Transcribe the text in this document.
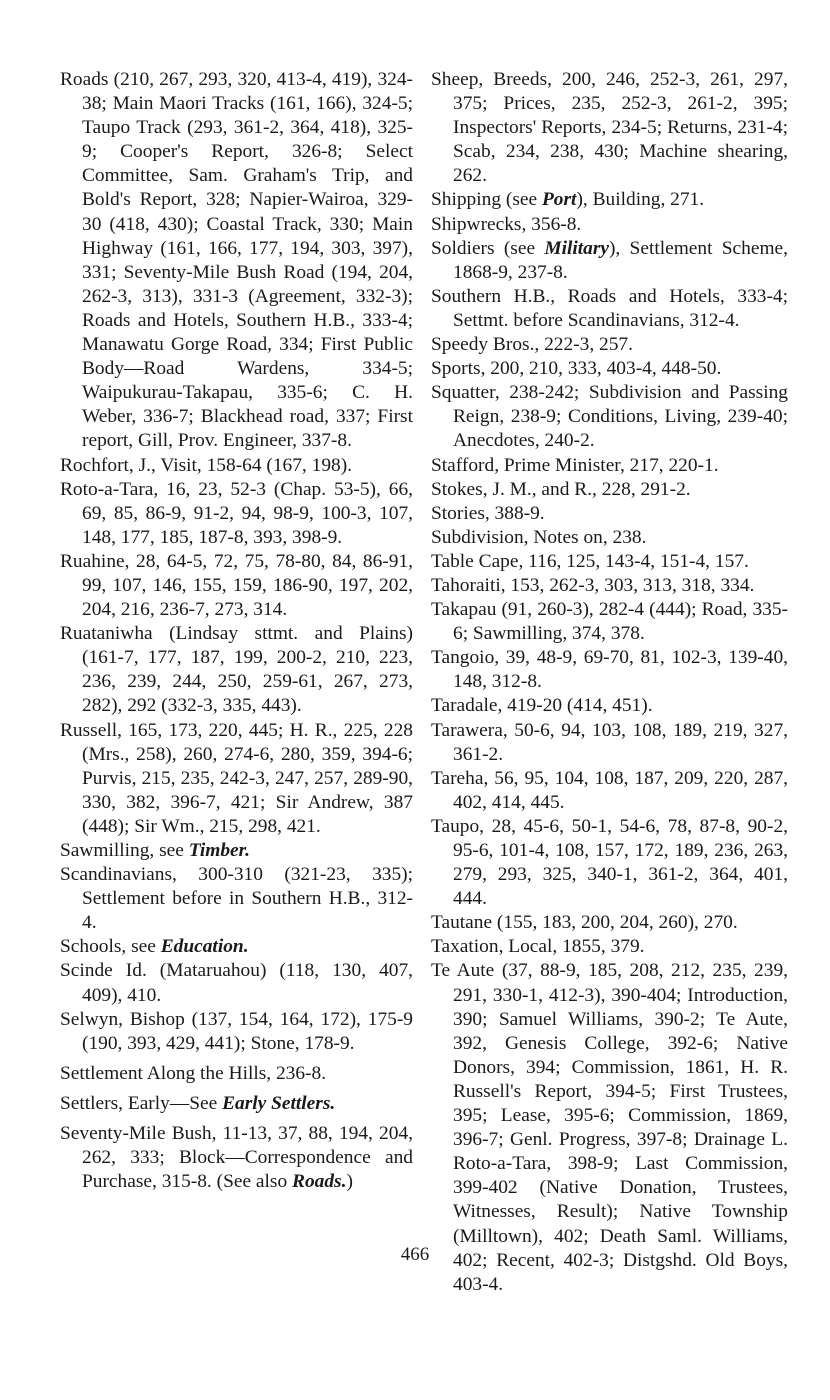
Roads (210, 267, 293, 320, 413-4, 419), 324-38; Main Maori Tracks (161, 166), 324-5; Taupo Track (293, 361-2, 364, 418), 325-9; Cooper's Report, 326-8; Select Committee, Sam. Graham's Trip, and Bold's Report, 328; Napier-Wairoa, 329-30 (418, 430); Coastal Track, 330; Main Highway (161, 166, 177, 194, 303, 397), 331; Seventy-Mile Bush Road (194, 204, 262-3, 313), 331-3 (Agreement, 332-3); Roads and Hotels, Southern H.B., 333-4; Manawatu Gorge Road, 334; First Public Body—Road Wardens, 334-5; Waipukurau-Takapau, 335-6; C. H. Weber, 336-7; Blackhead road, 337; First report, Gill, Prov. Engineer, 337-8.
Rochfort, J., Visit, 158-64 (167, 198).
Roto-a-Tara, 16, 23, 52-3 (Chap. 53-5), 66, 69, 85, 86-9, 91-2, 94, 98-9, 100-3, 107, 148, 177, 185, 187-8, 393, 398-9.
Ruahine, 28, 64-5, 72, 75, 78-80, 84, 86-91, 99, 107, 146, 155, 159, 186-90, 197, 202, 204, 216, 236-7, 273, 314.
Ruataniwha (Lindsay sttmt. and Plains) (161-7, 177, 187, 199, 200-2, 210, 223, 236, 239, 244, 250, 259-61, 267, 273, 282), 292 (332-3, 335, 443).
Russell, 165, 173, 220, 445; H. R., 225, 228 (Mrs., 258), 260, 274-6, 280, 359, 394-6; Purvis, 215, 235, 242-3, 247, 257, 289-90, 330, 382, 396-7, 421; Sir Andrew, 387 (448); Sir Wm., 215, 298, 421.
Sawmilling, see Timber.
Scandinavians, 300-310 (321-23, 335); Settlement before in Southern H.B., 312-4.
Schools, see Education.
Scinde Id. (Mataruahou) (118, 130, 407, 409), 410.
Selwyn, Bishop (137, 154, 164, 172), 175-9 (190, 393, 429, 441); Stone, 178-9.
Settlement Along the Hills, 236-8.
Settlers, Early—See Early Settlers.
Seventy-Mile Bush, 11-13, 37, 88, 194, 204, 262, 333; Block—Correspondence and Purchase, 315-8. (See also Roads.)
Sheep, Breeds, 200, 246, 252-3, 261, 297, 375; Prices, 235, 252-3, 261-2, 395; Inspectors' Reports, 234-5; Returns, 231-4; Scab, 234, 238, 430; Machine shearing, 262.
Shipping (see Port), Building, 271.
Shipwrecks, 356-8.
Soldiers (see Military), Settlement Scheme, 1868-9, 237-8.
Southern H.B., Roads and Hotels, 333-4; Settmt. before Scandinavians, 312-4.
Speedy Bros., 222-3, 257.
Sports, 200, 210, 333, 403-4, 448-50.
Squatter, 238-242; Subdivision and Passing Reign, 238-9; Conditions, Living, 239-40; Anecdotes, 240-2.
Stafford, Prime Minister, 217, 220-1.
Stokes, J. M., and R., 228, 291-2.
Stories, 388-9.
Subdivision, Notes on, 238.
Table Cape, 116, 125, 143-4, 151-4, 157.
Tahoraiti, 153, 262-3, 303, 313, 318, 334.
Takapau (91, 260-3), 282-4 (444); Road, 335-6; Sawmilling, 374, 378.
Tangoio, 39, 48-9, 69-70, 81, 102-3, 139-40, 148, 312-8.
Taradale, 419-20 (414, 451).
Tarawera, 50-6, 94, 103, 108, 189, 219, 327, 361-2.
Tareha, 56, 95, 104, 108, 187, 209, 220, 287, 402, 414, 445.
Taupo, 28, 45-6, 50-1, 54-6, 78, 87-8, 90-2, 95-6, 101-4, 108, 157, 172, 189, 236, 263, 279, 293, 325, 340-1, 361-2, 364, 401, 444.
Tautane (155, 183, 200, 204, 260), 270.
Taxation, Local, 1855, 379.
Te Aute (37, 88-9, 185, 208, 212, 235, 239, 291, 330-1, 412-3), 390-404; Introduction, 390; Samuel Williams, 390-2; Te Aute, 392, Genesis College, 392-6; Native Donors, 394; Commission, 1861, H. R. Russell's Report, 394-5; First Trustees, 395; Lease, 395-6; Commission, 1869, 396-7; Genl. Progress, 397-8; Drainage L. Roto-a-Tara, 398-9; Last Commission, 399-402 (Native Donation, Trustees, Witnesses, Result); Native Township (Milltown), 402; Death Saml. Williams, 402; Recent, 402-3; Distgshd. Old Boys, 403-4.
466
